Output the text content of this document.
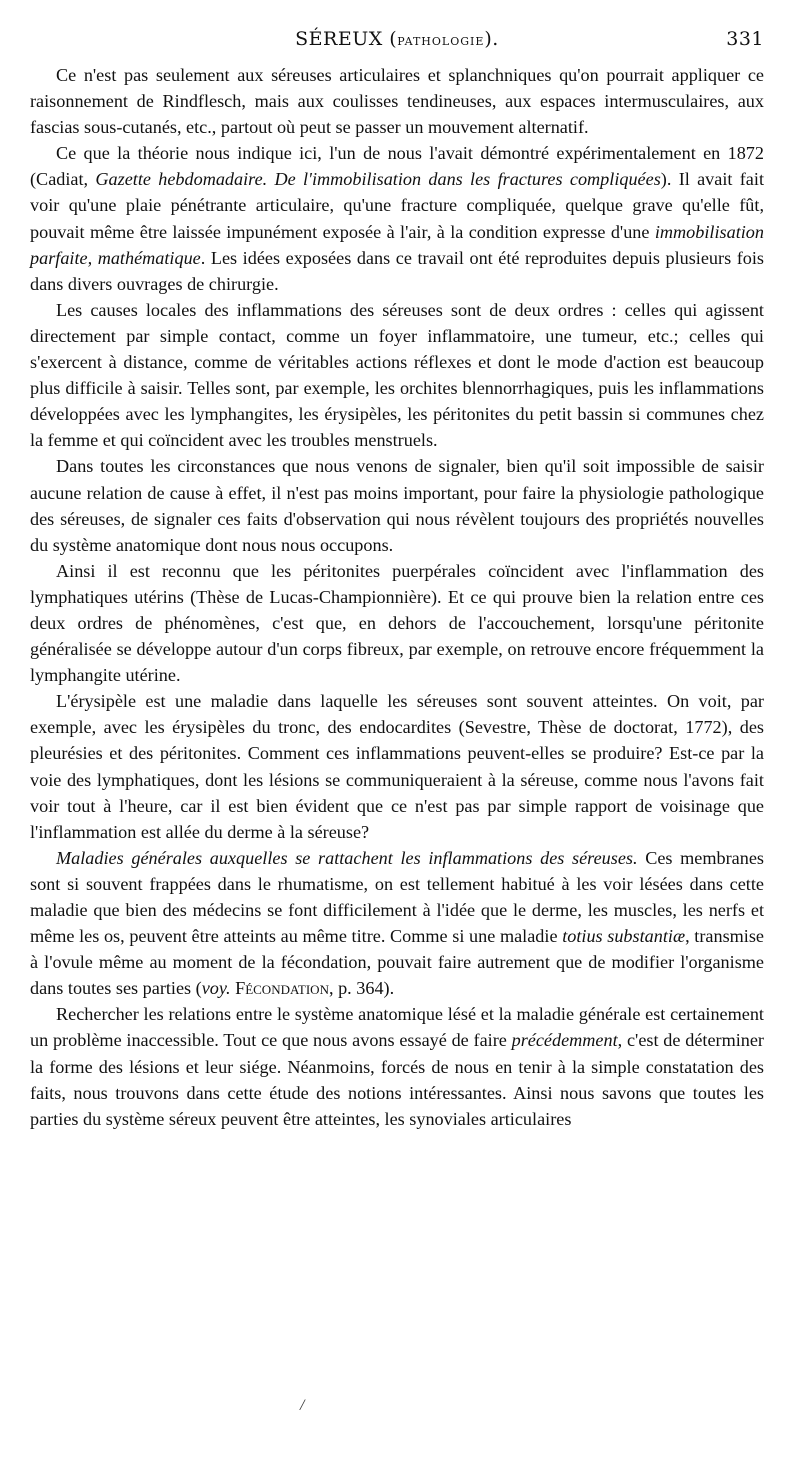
SÉREUX (pathologie).	331

Ce n'est pas seulement aux séreuses articulaires et splanchniques qu'on pourrait appliquer ce raisonnement de Rindflesch, mais aux coulisses tendineuses, aux espaces intermusculaires, aux fascias sous-cutanés, etc., partout où peut se passer un mouvement alternatif.

Ce que la théorie nous indique ici, l'un de nous l'avait démontré expérimentalement en 1872 (Cadiat, Gazette hebdomadaire. De l'immobilisation dans les fractures compliquées). Il avait fait voir qu'une plaie pénétrante articulaire, qu'une fracture compliquée, quelque grave qu'elle fût, pouvait même être laissée impunément exposée à l'air, à la condition expresse d'une immobilisation parfaite, mathématique. Les idées exposées dans ce travail ont été reproduites depuis plusieurs fois dans divers ouvrages de chirurgie.

Les causes locales des inflammations des séreuses sont de deux ordres : celles qui agissent directement par simple contact, comme un foyer inflammatoire, une tumeur, etc.; celles qui s'exercent à distance, comme de véritables actions réflexes et dont le mode d'action est beaucoup plus difficile à saisir. Telles sont, par exemple, les orchites blennorrhagiques, puis les inflammations développées avec les lymphangites, les érysipèles, les péritonites du petit bassin si communes chez la femme et qui coïncident avec les troubles menstruels.

Dans toutes les circonstances que nous venons de signaler, bien qu'il soit impossible de saisir aucune relation de cause à effet, il n'est pas moins important, pour faire la physiologie pathologique des séreuses, de signaler ces faits d'observation qui nous révèlent toujours des propriétés nouvelles du système anatomique dont nous nous occupons.

Ainsi il est reconnu que les péritonites puerpérales coïncident avec l'inflammation des lymphatiques utérins (Thèse de Lucas-Championnière). Et ce qui prouve bien la relation entre ces deux ordres de phénomènes, c'est que, en dehors de l'accouchement, lorsqu'une péritonite généralisée se développe autour d'un corps fibreux, par exemple, on retrouve encore fréquemment la lymphangite utérine.

L'érysipèle est une maladie dans laquelle les séreuses sont souvent atteintes. On voit, par exemple, avec les érysipèles du tronc, des endocardites (Sevestre, Thèse de doctorat, 1772), des pleurésies et des péritonites. Comment ces inflammations peuvent-elles se produire? Est-ce par la voie des lymphatiques, dont les lésions se communiqueraient à la séreuse, comme nous l'avons fait voir tout à l'heure, car il est bien évident que ce n'est pas par simple rapport de voisinage que l'inflammation est allée du derme à la séreuse?

Maladies générales auxquelles se rattachent les inflammations des séreuses. Ces membranes sont si souvent frappées dans le rhumatisme, on est tellement habitué à les voir lésées dans cette maladie que bien des médecins se font difficilement à l'idée que le derme, les muscles, les nerfs et même les os, peuvent être atteints au même titre. Comme si une maladie totius substantiæ, transmise à l'ovule même au moment de la fécondation, pouvait faire autrement que de modifier l'organisme dans toutes ses parties (voy. Fécondation, p. 364).

Rechercher les relations entre le système anatomique lésé et la maladie générale est certainement un problème inaccessible. Tout ce que nous avons essayé de faire précédemment, c'est de déterminer la forme des lésions et leur siége. Néanmoins, forcés de nous en tenir à la simple constatation des faits, nous trouvons dans cette étude des notions intéressantes. Ainsi nous savons que toutes les parties du système séreux peuvent être atteintes, les synoviales articulaires

/
